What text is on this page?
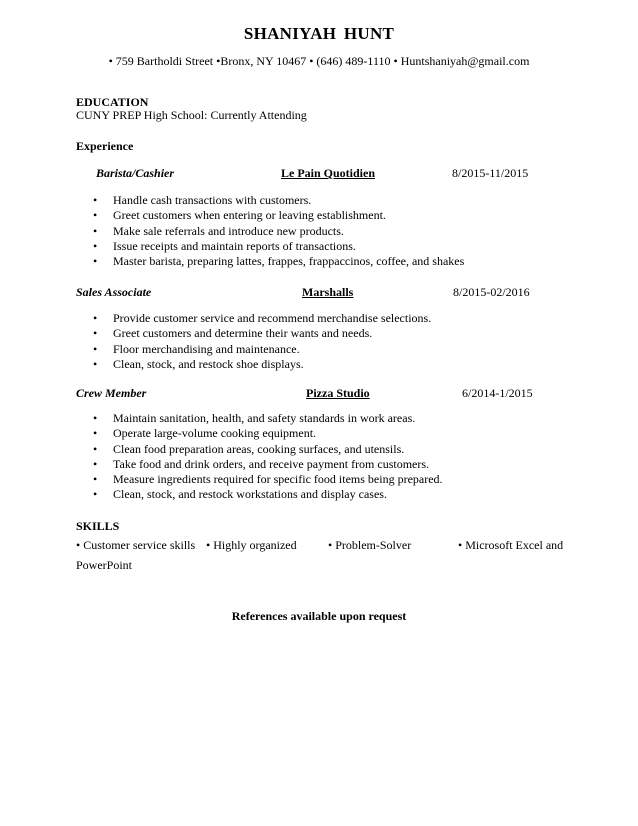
SHANIYAH HUNT
• 759 Bartholdi Street •Bronx, NY 10467 • (646) 489-1110 • Huntshaniyah@gmail.com
EDUCATION
CUNY PREP High School: Currently Attending
Experience
Barista/Cashier	Le Pain Quotidien	8/2015-11/2015
• Handle cash transactions with customers.
• Greet customers when entering or leaving establishment.
• Make sale referrals and introduce new products.
• Issue receipts and maintain reports of transactions.
• Master barista, preparing lattes, frappes, frappaccinos, coffee, and shakes
Sales Associate	Marshalls	8/2015-02/2016
• Provide customer service and recommend merchandise selections.
• Greet customers and determine their wants and needs.
• Floor merchandising and maintenance.
• Clean, stock, and restock shoe displays.
Crew Member	Pizza Studio	6/2014-1/2015
• Maintain sanitation, health, and safety standards in work areas.
• Operate large-volume cooking equipment.
• Clean food preparation areas, cooking surfaces, and utensils.
• Take food and drink orders, and receive payment from customers.
• Measure ingredients required for specific food items being prepared.
• Clean, stock, and restock workstations and display cases.
SKILLS
• Customer service skills • Highly organized	• Problem-Solver	• Microsoft Excel and
PowerPoint
References available upon request
